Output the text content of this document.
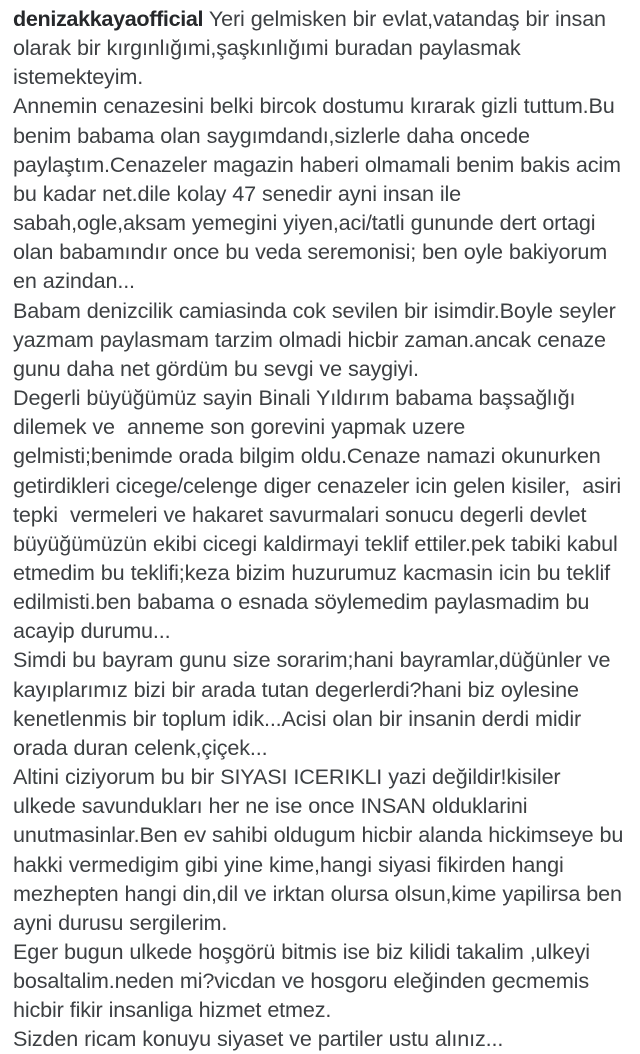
denizakkayaofficial Yeri gelmisken bir evlat,vatandaş bir insan olarak bir kırgınlığımi,şaşkınlığımi buradan paylasmak istemekteyim.

Annemin cenazesini belki bircok dostumu kırarak gizli tuttum.Bu benim babama olan saygımdandı,sizlerle daha oncede paylaştım.Cenazeler magazin haberi olmamali benim bakis acim bu kadar net.dile kolay 47 senedir ayni insan ile sabah,ogle,aksam yemegini yiyen,aci/tatli gununde dert ortagi olan babamındır once bu veda seremonisi; ben oyle bakiyorum en azindan...

Babam denizcilik camiasinda cok sevilen bir isimdir.Boyle seyler yazmam paylasmam tarzim olmadi hicbir zaman.ancak cenaze gunu daha net gördüm bu sevgi ve saygiyi.

Degerli büyüğümüz sayin Binali Yıldırım babama başsağlığı dilemek ve  anneme son gorevini yapmak uzere gelmisti;benimde orada bilgim oldu.Cenaze namazi okunurken getirdikleri cicege/celenge diger cenazeler icin gelen kisiler,  asiri tepki  vermeleri ve hakaret savurmalari sonucu degerli devlet büyüğümüzün ekibi cicegi kaldirmayi teklif ettiler.pek tabiki kabul etmedim bu teklifi;keza bizim huzurumuz kacmasin icin bu teklif edilmisti.ben babama o esnada söylemedim paylasmadim bu acayip durumu...

Simdi bu bayram gunu size sorarim;hani bayramlar,düğünler ve kayıplarımız bizi bir arada tutan degerlerdi?hani biz oylesine kenetlenmis bir toplum idik...Acisi olan bir insanin derdi midir orada duran celenk,çiçek...

Altini ciziyorum bu bir SIYASI ICERIKLI yazi değildir!kisiler ulkede savundukları her ne ise once INSAN olduklarini unutmasinlar.Ben ev sahibi oldugum hicbir alanda hickimseye bu hakki vermedigim gibi yine kime,hangi siyasi fikirden hangi mezhepten hangi din,dil ve irktan olursa olsun,kime yapilirsa ben ayni durusu sergilerim.

Eger bugun ulkede hoşgörü bitmis ise biz kilidi takalim ,ulkeyi bosaltalim.neden mi?vicdan ve hosgoru eleğinden gecmemis hicbir fikir insanliga hizmet etmez.

Sizden ricam konuyu siyaset ve partiler ustu alınız...
